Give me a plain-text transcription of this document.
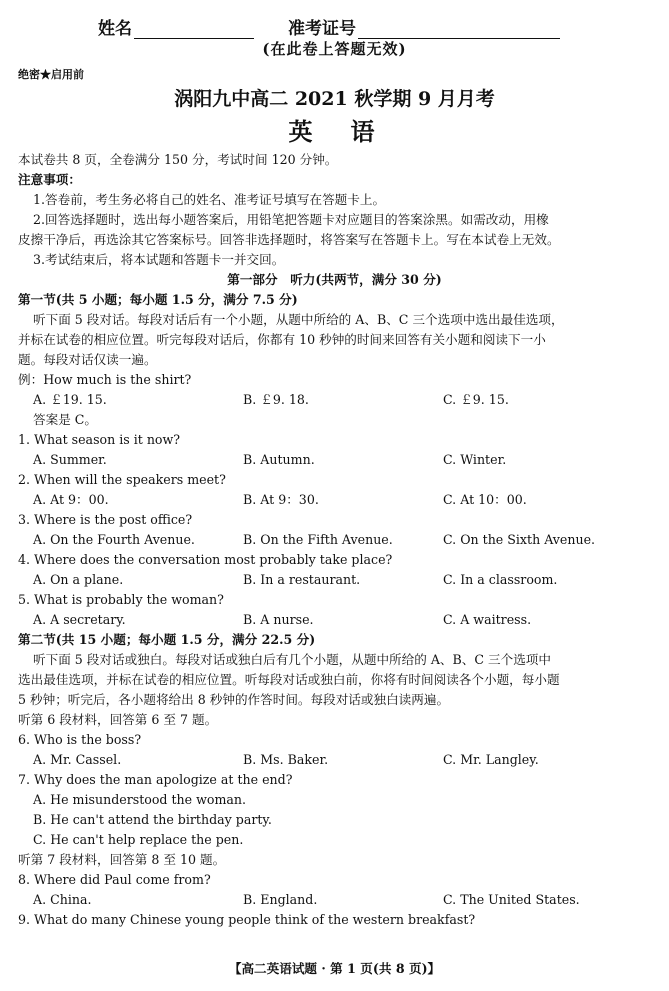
姓名	准考证号
(在此卷上答题无效)
绝密★启用前
涡阳九中高二 2021 秋学期 9 月月考
英 语
本试卷共 8 页，全卷满分 150 分，考试时间 120 分钟。
注意事项：
1.答卷前，考生务必将自己的姓名、准考证号填写在答题卡上。
2.回答选择题时，选出每小题答案后，用铅笔把答题卡对应题目的答案涂黑。如需改动，用橡
皮擦干净后，再选涂其它答案标号。回答非选择题时，将答案写在答题卡上。写在本试卷上无效。
3.考试结束后，将本试题和答题卡一并交回。
第一部分　听力(共两节，满分 30 分)
第一节(共 5 小题；每小题 1.5 分，满分 7.5 分)
听下面 5 段对话。每段对话后有一个小题，从题中所给的 A、B、C 三个选项中选出最佳选项，
并标在试卷的相应位置。听完每段对话后，你都有 10 秒钟的时间来回答有关小题和阅读下一小
题。每段对话仅读一遍。
例：How much is the shirt?
A. ￡19. 15.	B. ￡9. 18.	C. ￡9. 15.
答案是 C。
1. What season is it now?
A. Summer.	B. Autumn.	C. Winter.
2. When will the speakers meet?
A. At 9：00.	B. At 9：30.	C. At 10：00.
3. Where is the post office?
A. On the Fourth Avenue.	B. On the Fifth Avenue.	C. On the Sixth Avenue.
4. Where does the conversation most probably take place?
A. On a plane.	B. In a restaurant.	C. In a classroom.
5. What is probably the woman?
A. A secretary.	B. A nurse.	C. A waitress.
第二节(共 15 小题；每小题 1.5 分，满分 22.5 分)
听下面 5 段对话或独白。每段对话或独白后有几个小题，从题中所给的 A、B、C 三个选项中
选出最佳选项，并标在试卷的相应位置。听每段对话或独白前，你将有时间阅读各个小题，每小题
5 秒钟；听完后，各小题将给出 8 秒钟的作答时间。每段对话或独白读两遍。
听第 6 段材料，回答第 6 至 7 题。
6. Who is the boss?
A. Mr. Cassel.	B. Ms. Baker.	C. Mr. Langley.
7. Why does the man apologize at the end?
A. He misunderstood the woman.
B. He can't attend the birthday party.
C. He can't help replace the pen.
听第 7 段材料，回答第 8 至 10 题。
8. Where did Paul come from?
A. China.	B. England.	C. The United States.
9. What do many Chinese young people think of the western breakfast?
【高二英语试题 · 第 1 页(共 8 页)】
